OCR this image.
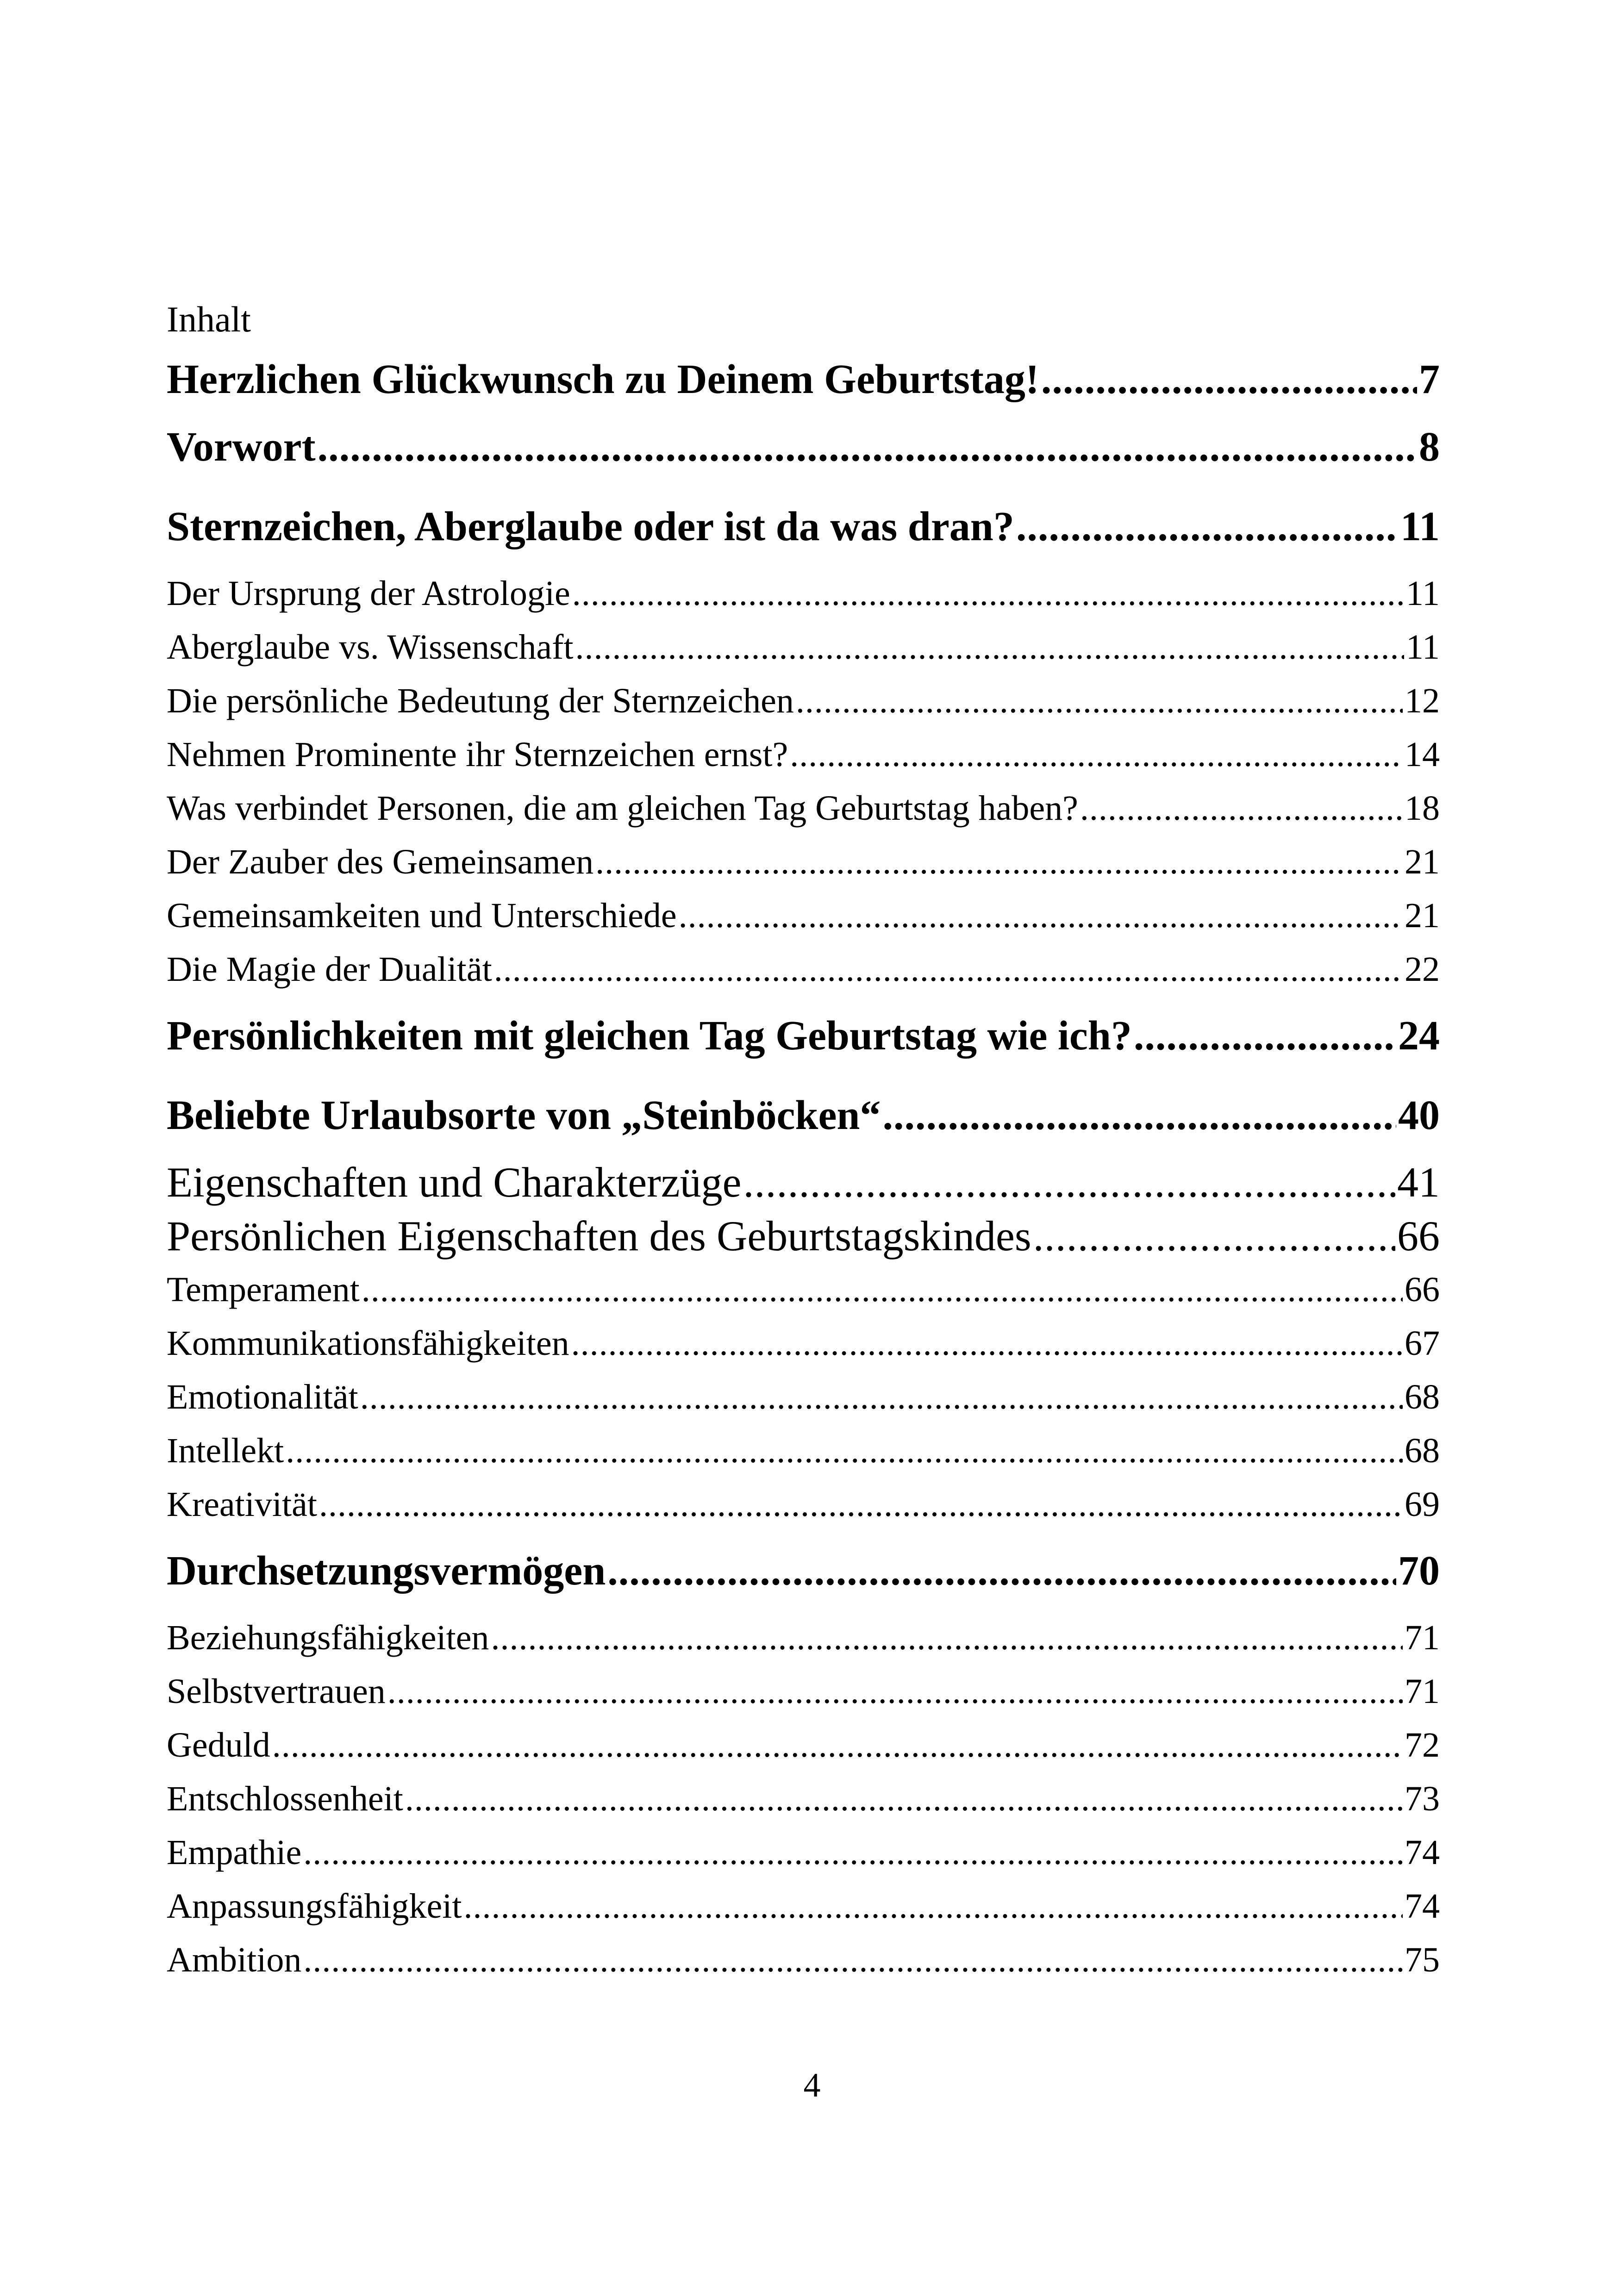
Inhalt
Herzlichen Glückwunsch zu Deinem Geburtstag! .....	7
Vorwort .....	8
Sternzeichen, Aberglaube oder ist da was dran? .....	11
Der Ursprung der Astrologie .....	11
Aberglaube vs. Wissenschaft .....	11
Die persönliche Bedeutung der Sternzeichen .....	12
Nehmen Prominente ihr Sternzeichen ernst? .....	14
Was verbindet Personen, die am gleichen Tag Geburtstag haben? .....	18
Der Zauber des Gemeinsamen .....	21
Gemeinsamkeiten und Unterschiede .....	21
Die Magie der Dualität .....	22
Persönlichkeiten mit gleichen Tag Geburtstag wie ich? .....	24
Beliebte Urlaubsorte von „Steinböcken“ .....	40
Eigenschaften und Charakterzüge .....	41
Persönlichen Eigenschaften des Geburtstagskindes .....	66
Temperament .....	66
Kommunikationsfähigkeiten .....	67
Emotionalität .....	68
Intellekt .....	68
Kreativität .....	69
Durchsetzungsvermögen .....	70
Beziehungsfähigkeiten .....	71
Selbstvertrauen .....	71
Geduld .....	72
Entschlossenheit .....	73
Empathie .....	74
Anpassungsfähigkeit .....	74
Ambition .....	75
4
